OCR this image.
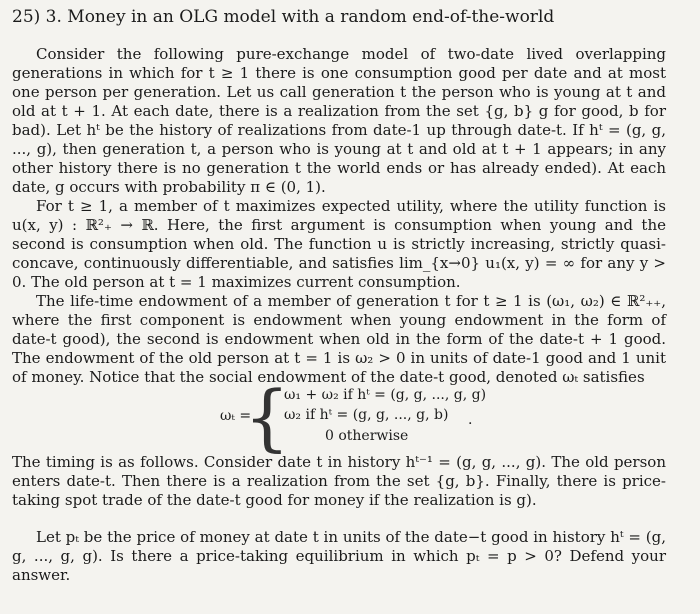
25) 3. Money in an OLG model with a random end-of-the-world

Consider the following pure-exchange model of two-date lived overlapping generations in which for t ≥ 1 there is one consumption good per date and at most one person per generation. Let us call generation t the person who is young at t and old at t + 1. At each date, there is a realization from the set {g, b} g for good, b for bad). Let hᵗ be the history of realizations from date-1 up through date-t. If hᵗ = (g, g, ..., g), then generation t, a person who is young at t and old at t + 1 appears; in any other history there is no generation t the world ends or has already ended). At each date, g occurs with probability π ∈ (0, 1).

For t ≥ 1, a member of t maximizes expected utility, where the utility function is u(x, y) : ℝ²₊ → ℝ. Here, the first argument is consumption when young and the second is consumption when old. The function u is strictly increasing, strictly quasi-concave, continuously differentiable, and satisfies lim_{x→0} u₁(x, y) = ∞ for any y > 0. The old person at t = 1 maximizes current consumption.

The life-time endowment of a member of generation t for t ≥ 1 is (ω₁, ω₂) ∈ ℝ²₊₊, where the first component is endowment when young endowment in the form of date-t good), the second is endowment when old in the form of the date-t + 1 good. The endowment of the old person at t = 1 is ω₂ > 0 in units of date-1 good and 1 unit of money. Notice that the social endowment of the date-t good, denoted ωₜ satisfies

ωₜ =
{
ω₁ + ω₂ if hᵗ = (g, g, ..., g, g)
ω₂ if hᵗ = (g, g, ..., g, b)
0 otherwise
.

The timing is as follows. Consider date t in history hᵗ⁻¹ = (g, g, ..., g). The old person enters date-t. Then there is a realization from the set {g, b}. Finally, there is price-taking spot trade of the date-t good for money if the realization is g).

Let pₜ be the price of money at date t in units of the date−t good in history hᵗ = (g, g, ..., g, g). Is there a price-taking equilibrium in which pₜ = p > 0? Defend your answer.
